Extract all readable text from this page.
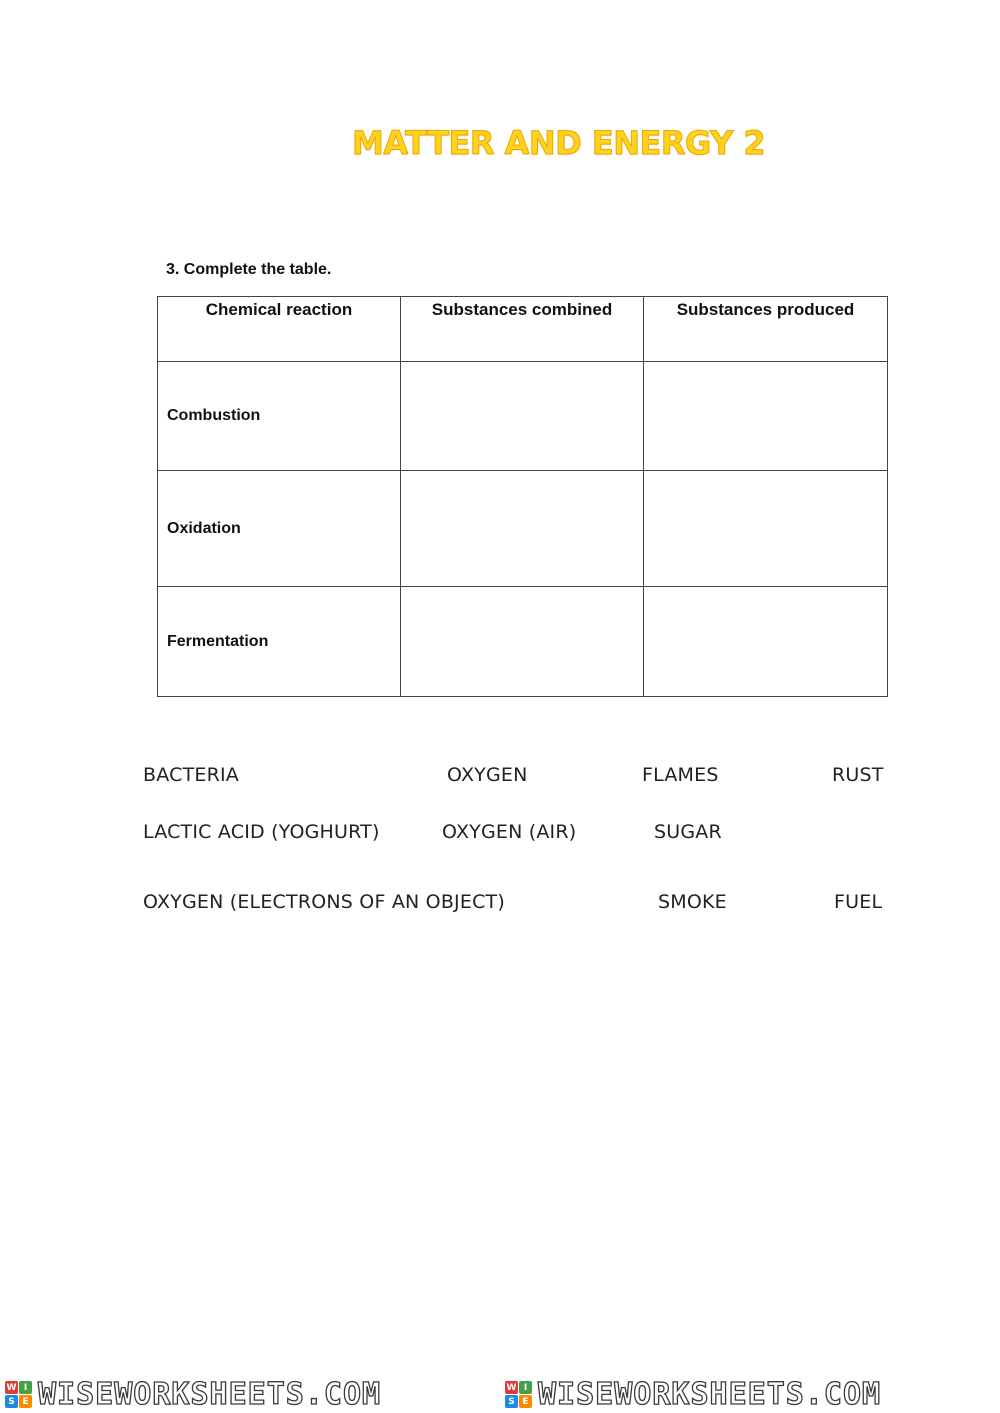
MATTER AND ENERGY 2
3. Complete the table.
Chemical reaction	Substances combined	Substances produced
Combustion		
Oxidation		
Fermentation		
BACTERIA	OXYGEN	FLAMES	RUST
LACTIC ACID (YOGHURT)	OXYGEN (AIR)	SUGAR
OXYGEN (ELECTRONS OF AN OBJECT)	SMOKE	FUEL
W I
S E WISEWORKSHEETS.COM	W I
S E WISEWORKSHEETS.COM
